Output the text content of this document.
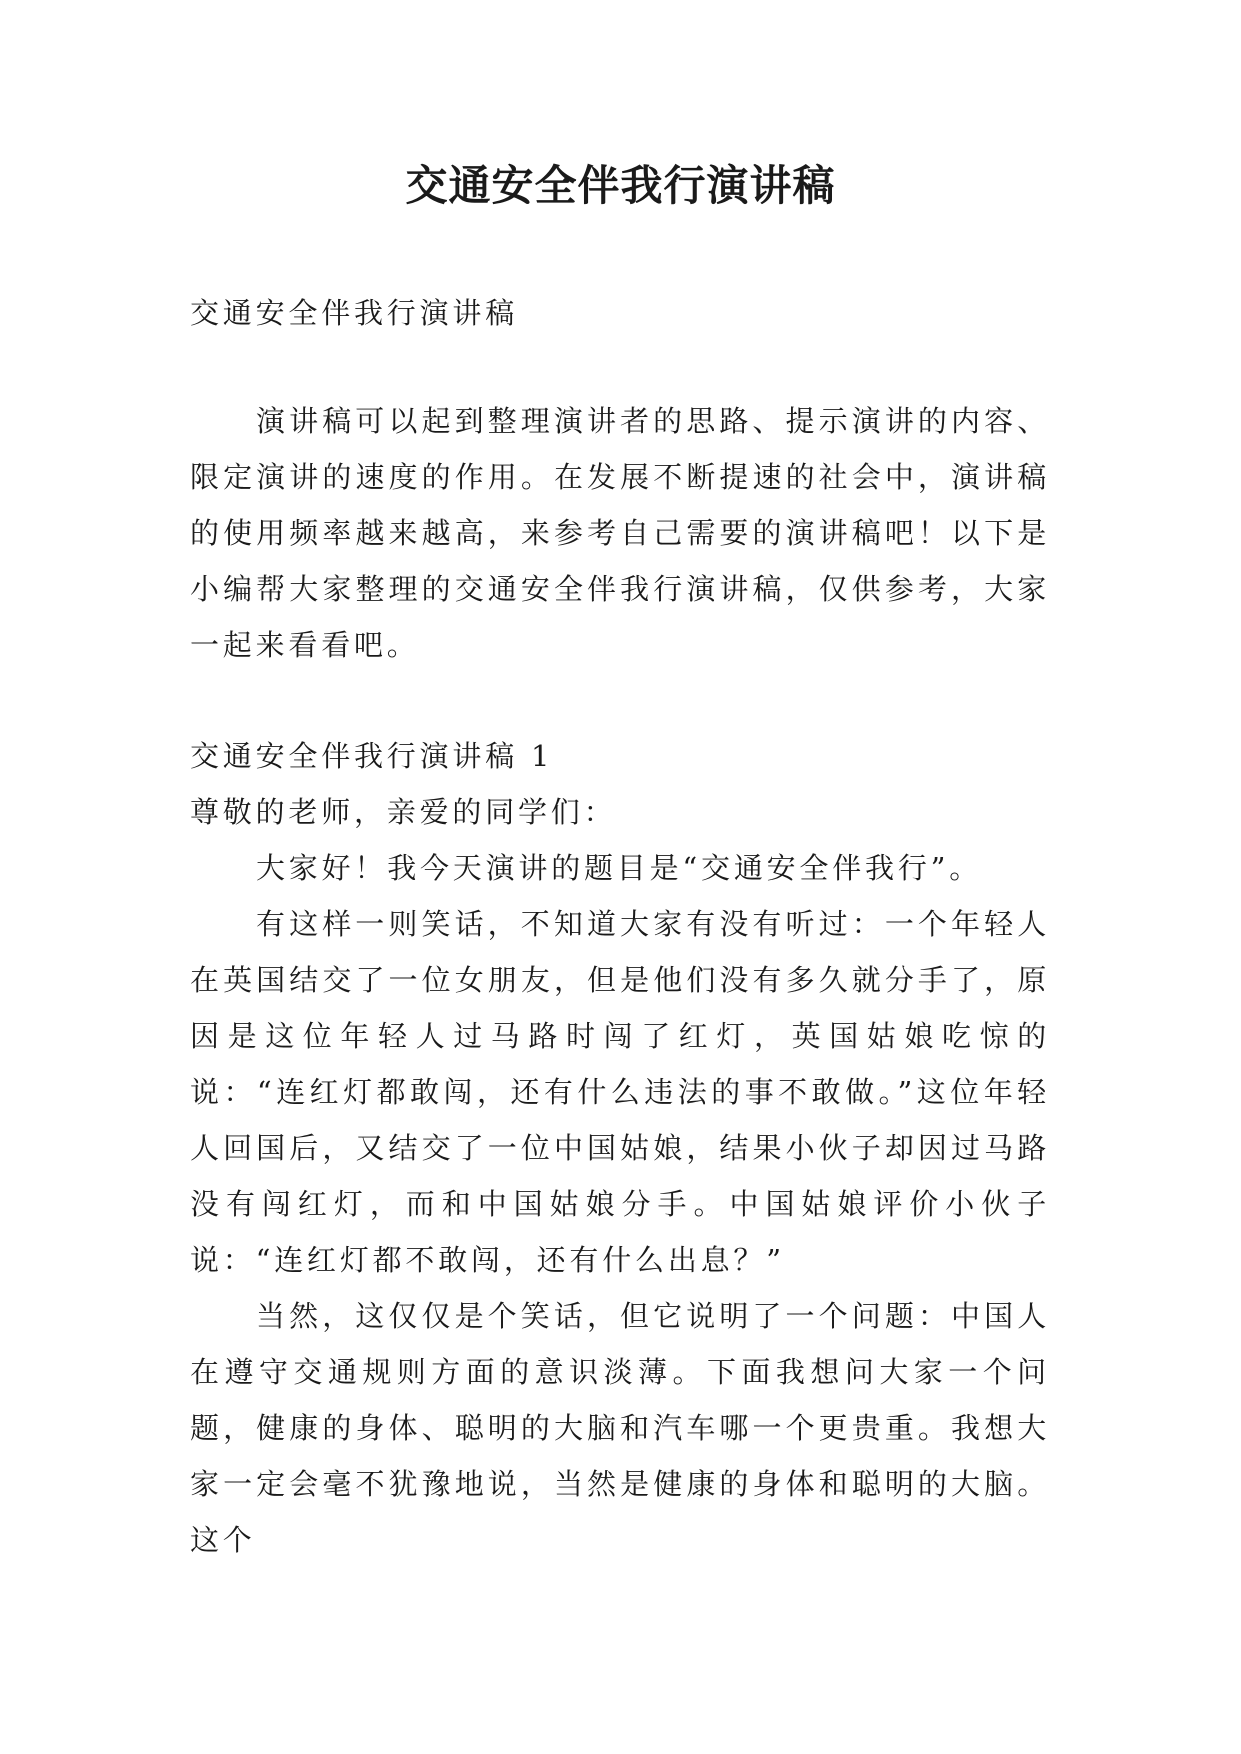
交通安全伴我行演讲稿

交通安全伴我行演讲稿

演讲稿可以起到整理演讲者的思路、提示演讲的内容、限定演讲的速度的作用。在发展不断提速的社会中，演讲稿的使用频率越来越高，来参考自己需要的演讲稿吧！以下是小编帮大家整理的交通安全伴我行演讲稿，仅供参考，大家一起来看看吧。

交通安全伴我行演讲稿 1

尊敬的老师，亲爱的同学们：

大家好！我今天演讲的题目是“交通安全伴我行”。

有这样一则笑话，不知道大家有没有听过：一个年轻人在英国结交了一位女朋友，但是他们没有多久就分手了，原因是这位年轻人过马路时闯了红灯，英国姑娘吃惊的说：“连红灯都敢闯，还有什么违法的事不敢做。”这位年轻人回国后，又结交了一位中国姑娘，结果小伙子却因过马路没有闯红灯，而和中国姑娘分手。中国姑娘评价小伙子说：“连红灯都不敢闯，还有什么出息？”

当然，这仅仅是个笑话，但它说明了一个问题：中国人在遵守交通规则方面的意识淡薄。下面我想问大家一个问题，健康的身体、聪明的大脑和汽车哪一个更贵重。我想大家一定会毫不犹豫地说，当然是健康的身体和聪明的大脑。这个
